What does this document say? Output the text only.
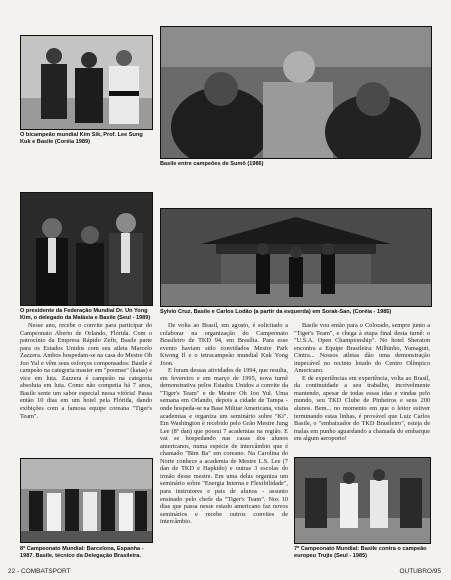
O bicampeão mundial Kim Sik, Prof. Lee Sung Kuk e Basile (Coréia 1989)
Basile entre campeões de Sumô (1986)
O presidente da Federação Mundial Dr. Un Yong Kim, o delegado da Malásia e Basile (Seul - 1989)
Sylvio Cruz, Basile e Carlos Lodão (a partir da esquerda) em Sorak-San, (Coréia - 1985)

Nesse ano, recebe o convite para participar do Campeonato Aberto de Orlando, Flórida. Com o patrocínio da Empresa Rápido Zefir, Basile parte para os Estados Unidos com seu atleta Marcelo Zazzera. Ambos hospedam-se na casa do Mestre Oh Joo Yul e vêm seus esforços compensados: Basile é campeão na categoria master em "poomse" (katas) e vice em luta. Zazzera é campeão na categoria absoluta em luta. Como não competia há 7 anos, Basile sente um sabor especial nessa vitória! Passa então 10 dias em um hotel pela Flórida, dando exibições com a famosa equipe coreana "Tiger's Team".

8º Campeonato Mundial: Barcelona, Espanha - 1987. Basile, técnico da Delegação Brasileira.

De volta ao Brasil, em agosto, é solicitado a colaborar na organização do Campeonato Brasileiro de TKD 94, em Brasília. Para esse evento haviam sido convidados Mestre Park Kwong Il e o tetracampeão mundial Kuk Yong Joon.

E foram dessas atividades de 1994, que resulta, em fevereiro e em março de 1995, nova turnê demonstrativa pelos Estados Unidos a convite da "Tiger's Team" e de Mestre Oh Joo Yul. Uma semana em Orlando, depois a cidade de Tampa - onde hospeda-se na Base Militar Americana, visita academias e organiza um seminário sobre "Ki". Em Washington é recebido pelo Grão Mestre Jung Lee (8º dan) que possui 7 academias na região. E vai se hospedando nas casas dos alunos americanos, numa espécie de intercâmbio que é chamado "Bim Ba" em coreano. Na Carolina do Norte conhece a academia de Mestre L.S. Lee (7 dan de TKD e Hapkido) e outras 3 escolas do irmão desse mestre. Em uma delas organiza um seminário sobre "Energia Interna e Flexibilidade", para instrutores e pais de alunos - assunto ensinado pelo chefe da "Tiger's Team". Nos 10 dias que passa nesse estado americano faz novos seminários e recebe outros convites de intercâmbio.

Basile vou então para o Colorado, sempre junto a "Tiger's Team", e chega à etapa final desta turnê: o "U.S.A. Open Championship". No hotel Sheraton encontra a Equipe Brasileira: Milhinho, Yamaguti, Cintra... Nossos atletas dão uma demonstração impecável no recinto lotado do Centro Olímpico Americano.

E de experiências em experiência, volta ao Brasil, da continuidade a seu trabalho, incrivelmente mantendo, apesar de todas essas idas e vindas pelo mundo, seu TKD Clube de Pinheiros e seus 200 alunos. Bem... no momento em que o leitor estiver terminando estas linhas, é provável que Luiz Carlos Basile, o "embaixador do TKD Brasileiro", esteja de malas em punho aguardando a chamada do embarque em algum aeroporto!

7º Campeonato Mundial: Basile contra o campeão europeu Trujis (Seul - 1985)
22 - COMBATSPORT	OUTUBRO/95
